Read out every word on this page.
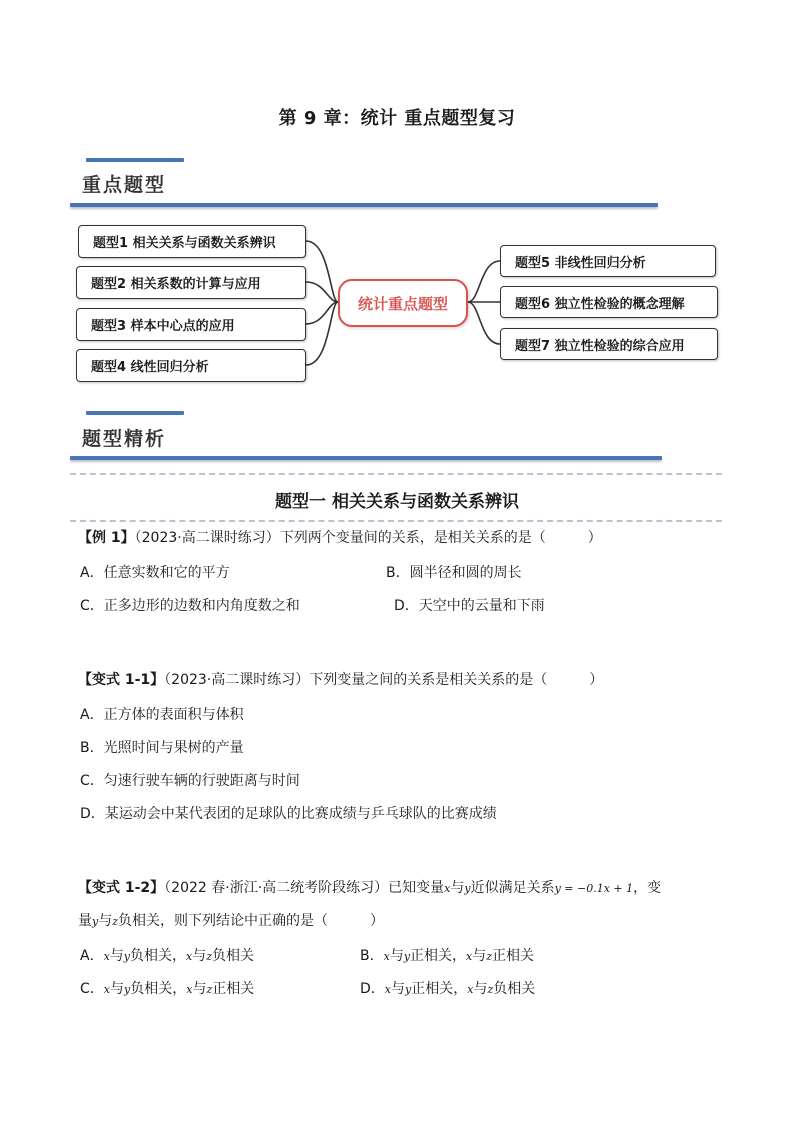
第 9 章：统计 重点题型复习
重点题型
题型1 相关关系与函数关系辨识
题型2 相关系数的计算与应用
题型3 样本中心点的应用
题型4 线性回归分析
统计重点题型
题型5 非线性回归分析
题型6 独立性检验的概念理解
题型7 独立性检验的综合应用
题型精析
题型一 相关关系与函数关系辨识
【例 1】（2023·高二课时练习）下列两个变量间的关系，是相关关系的是（	）
A．任意实数和它的平方	B．圆半径和圆的周长
C．正多边形的边数和内角度数之和	D．天空中的云量和下雨
【变式 1-1】（2023·高二课时练习）下列变量之间的关系是相关关系的是（	）
A．正方体的表面积与体积
B．光照时间与果树的产量
C．匀速行驶车辆的行驶距离与时间
D．某运动会中某代表团的足球队的比赛成绩与乒乓球队的比赛成绩
【变式 1-2】（2022 春·浙江·高二统考阶段练习）已知变量x与y近似满足关系y = −0.1x + 1，变
量y与z负相关，则下列结论中正确的是（	）
A．x与y负相关，x与z负相关	B．x与y正相关，x与z正相关
C．x与y负相关，x与z正相关	D．x与y正相关，x与z负相关
